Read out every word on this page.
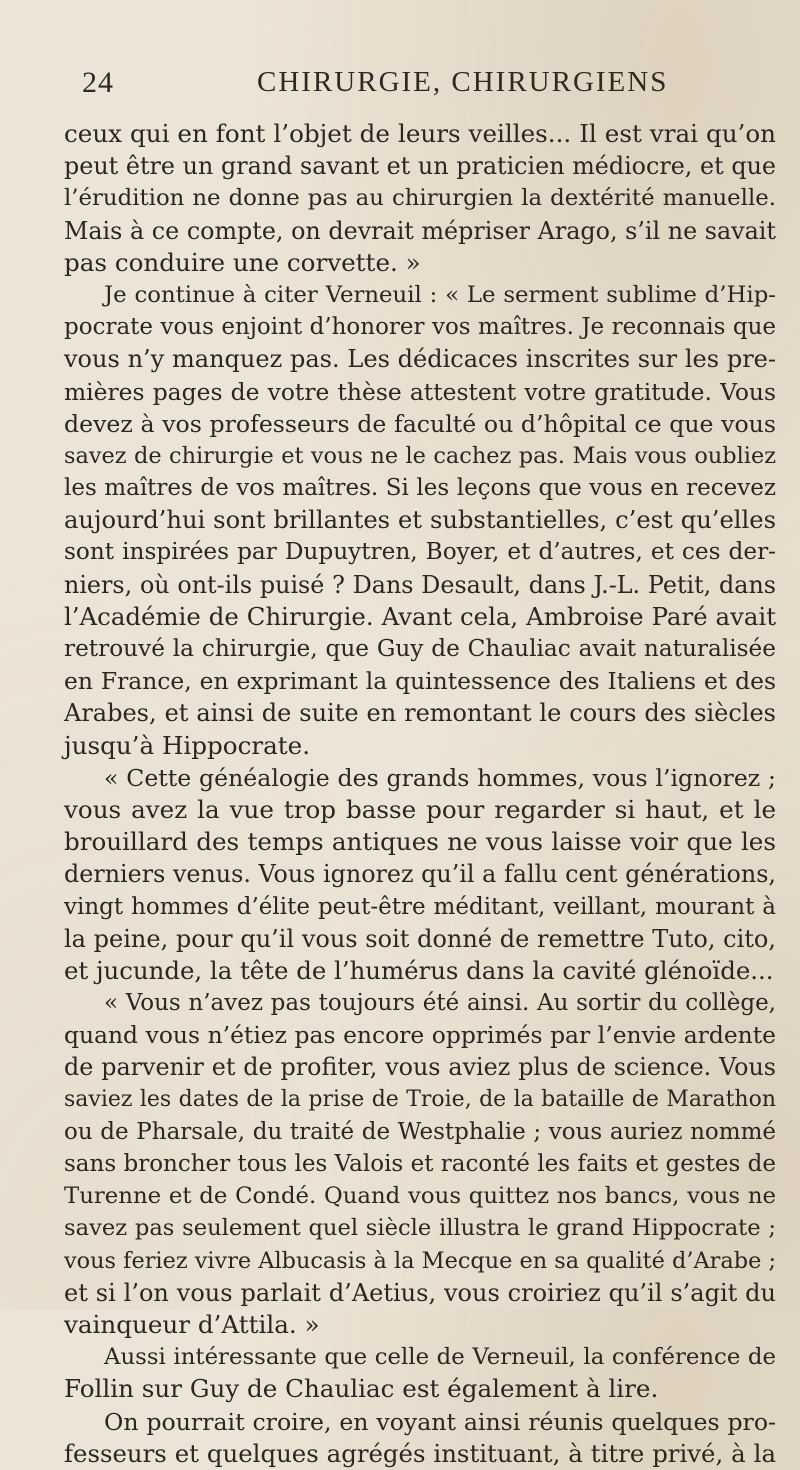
24	CHIRURGIE, CHIRURGIENS
ceux qui en font l’objet de leurs veilles... Il est vrai qu’on
peut être un grand savant et un praticien médiocre, et que
l’érudition ne donne pas au chirurgien la dextérité manuelle.
Mais à ce compte, on devrait mépriser Arago, s’il ne savait
pas conduire une corvette. »
Je continue à citer Verneuil : « Le serment sublime d’Hip-
pocrate vous enjoint d’honorer vos maîtres. Je reconnais que
vous n’y manquez pas. Les dédicaces inscrites sur les pre-
mières pages de votre thèse attestent votre gratitude. Vous
devez à vos professeurs de faculté ou d’hôpital ce que vous
savez de chirurgie et vous ne le cachez pas. Mais vous oubliez
les maîtres de vos maîtres. Si les leçons que vous en recevez
aujourd’hui sont brillantes et substantielles, c’est qu’elles
sont inspirées par Dupuytren, Boyer, et d’autres, et ces der-
niers, où ont-ils puisé ? Dans Desault, dans J.-L. Petit, dans
l’Académie de Chirurgie. Avant cela, Ambroise Paré avait
retrouvé la chirurgie, que Guy de Chauliac avait naturalisée
en France, en exprimant la quintessence des Italiens et des
Arabes, et ainsi de suite en remontant le cours des siècles
jusqu’à Hippocrate.
« Cette généalogie des grands hommes, vous l’ignorez ;
vous avez la vue trop basse pour regarder si haut, et le
brouillard des temps antiques ne vous laisse voir que les
derniers venus. Vous ignorez qu’il a fallu cent générations,
vingt hommes d’élite peut-être méditant, veillant, mourant à
la peine, pour qu’il vous soit donné de remettre Tuto, cito,
et jucunde, la tête de l’humérus dans la cavité glénoïde...
« Vous n’avez pas toujours été ainsi. Au sortir du collège,
quand vous n’étiez pas encore opprimés par l’envie ardente
de parvenir et de profiter, vous aviez plus de science. Vous
saviez les dates de la prise de Troie, de la bataille de Marathon
ou de Pharsale, du traité de Westphalie ; vous auriez nommé
sans broncher tous les Valois et raconté les faits et gestes de
Turenne et de Condé. Quand vous quittez nos bancs, vous ne
savez pas seulement quel siècle illustra le grand Hippocrate ;
vous feriez vivre Albucasis à la Mecque en sa qualité d’Arabe ;
et si l’on vous parlait d’Aetius, vous croiriez qu’il s’agit du
vainqueur d’Attila. »
Aussi intéressante que celle de Verneuil, la conférence de
Follin sur Guy de Chauliac est également à lire.
On pourrait croire, en voyant ainsi réunis quelques pro-
fesseurs et quelques agrégés instituant, à titre privé, à la
